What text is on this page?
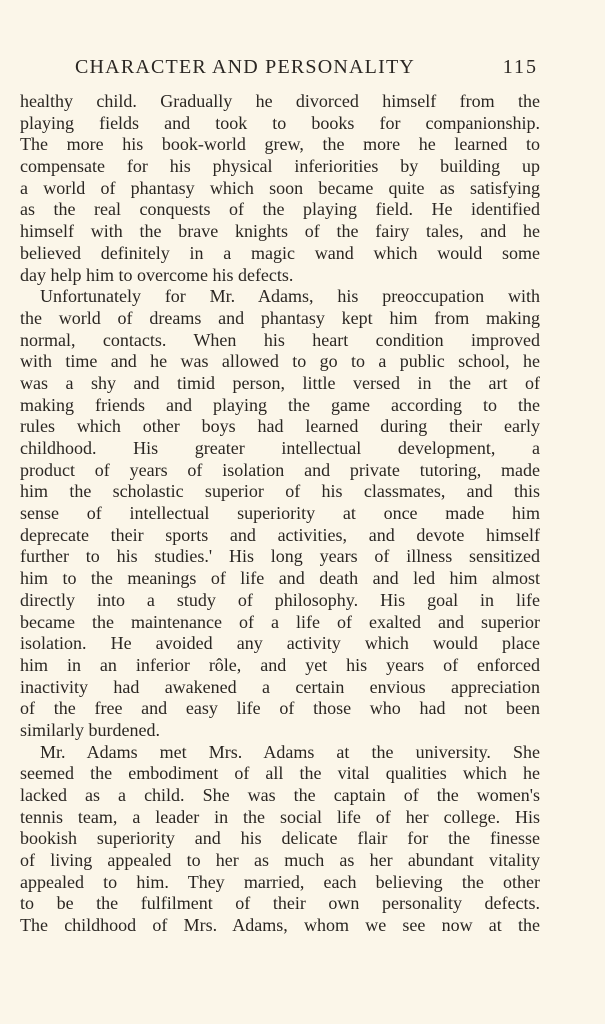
CHARACTER AND PERSONALITY	115
healthy child. Gradually he divorced himself from the
playing fields and took to books for companionship.
The more his book-world grew, the more he learned to
compensate for his physical inferiorities by building up
a world of phantasy which soon became quite as satisfying
as the real conquests of the playing field. He identified
himself with the brave knights of the fairy tales, and he
believed definitely in a magic wand which would some
day help him to overcome his defects.
Unfortunately for Mr. Adams, his preoccupation with
the world of dreams and phantasy kept him from making
normal, contacts. When his heart condition improved
with time and he was allowed to go to a public school, he
was a shy and timid person, little versed in the art of
making friends and playing the game according to the
rules which other boys had learned during their early
childhood. His greater intellectual development, a
product of years of isolation and private tutoring, made
him the scholastic superior of his classmates, and this
sense of intellectual superiority at once made him
deprecate their sports and activities, and devote himself
further to his studies.' His long years of illness sensitized
him to the meanings of life and death and led him almost
directly into a study of philosophy. His goal in life
became the maintenance of a life of exalted and superior
isolation. He avoided any activity which would place
him in an inferior rôle, and yet his years of enforced
inactivity had awakened a certain envious appreciation
of the free and easy life of those who had not been
similarly burdened.
Mr. Adams met Mrs. Adams at the university. She
seemed the embodiment of all the vital qualities which he
lacked as a child. She was the captain of the women's
tennis team, a leader in the social life of her college. His
bookish superiority and his delicate flair for the finesse
of living appealed to her as much as her abundant vitality
appealed to him. They married, each believing the other
to be the fulfilment of their own personality defects.
The childhood of Mrs. Adams, whom we see now at the
